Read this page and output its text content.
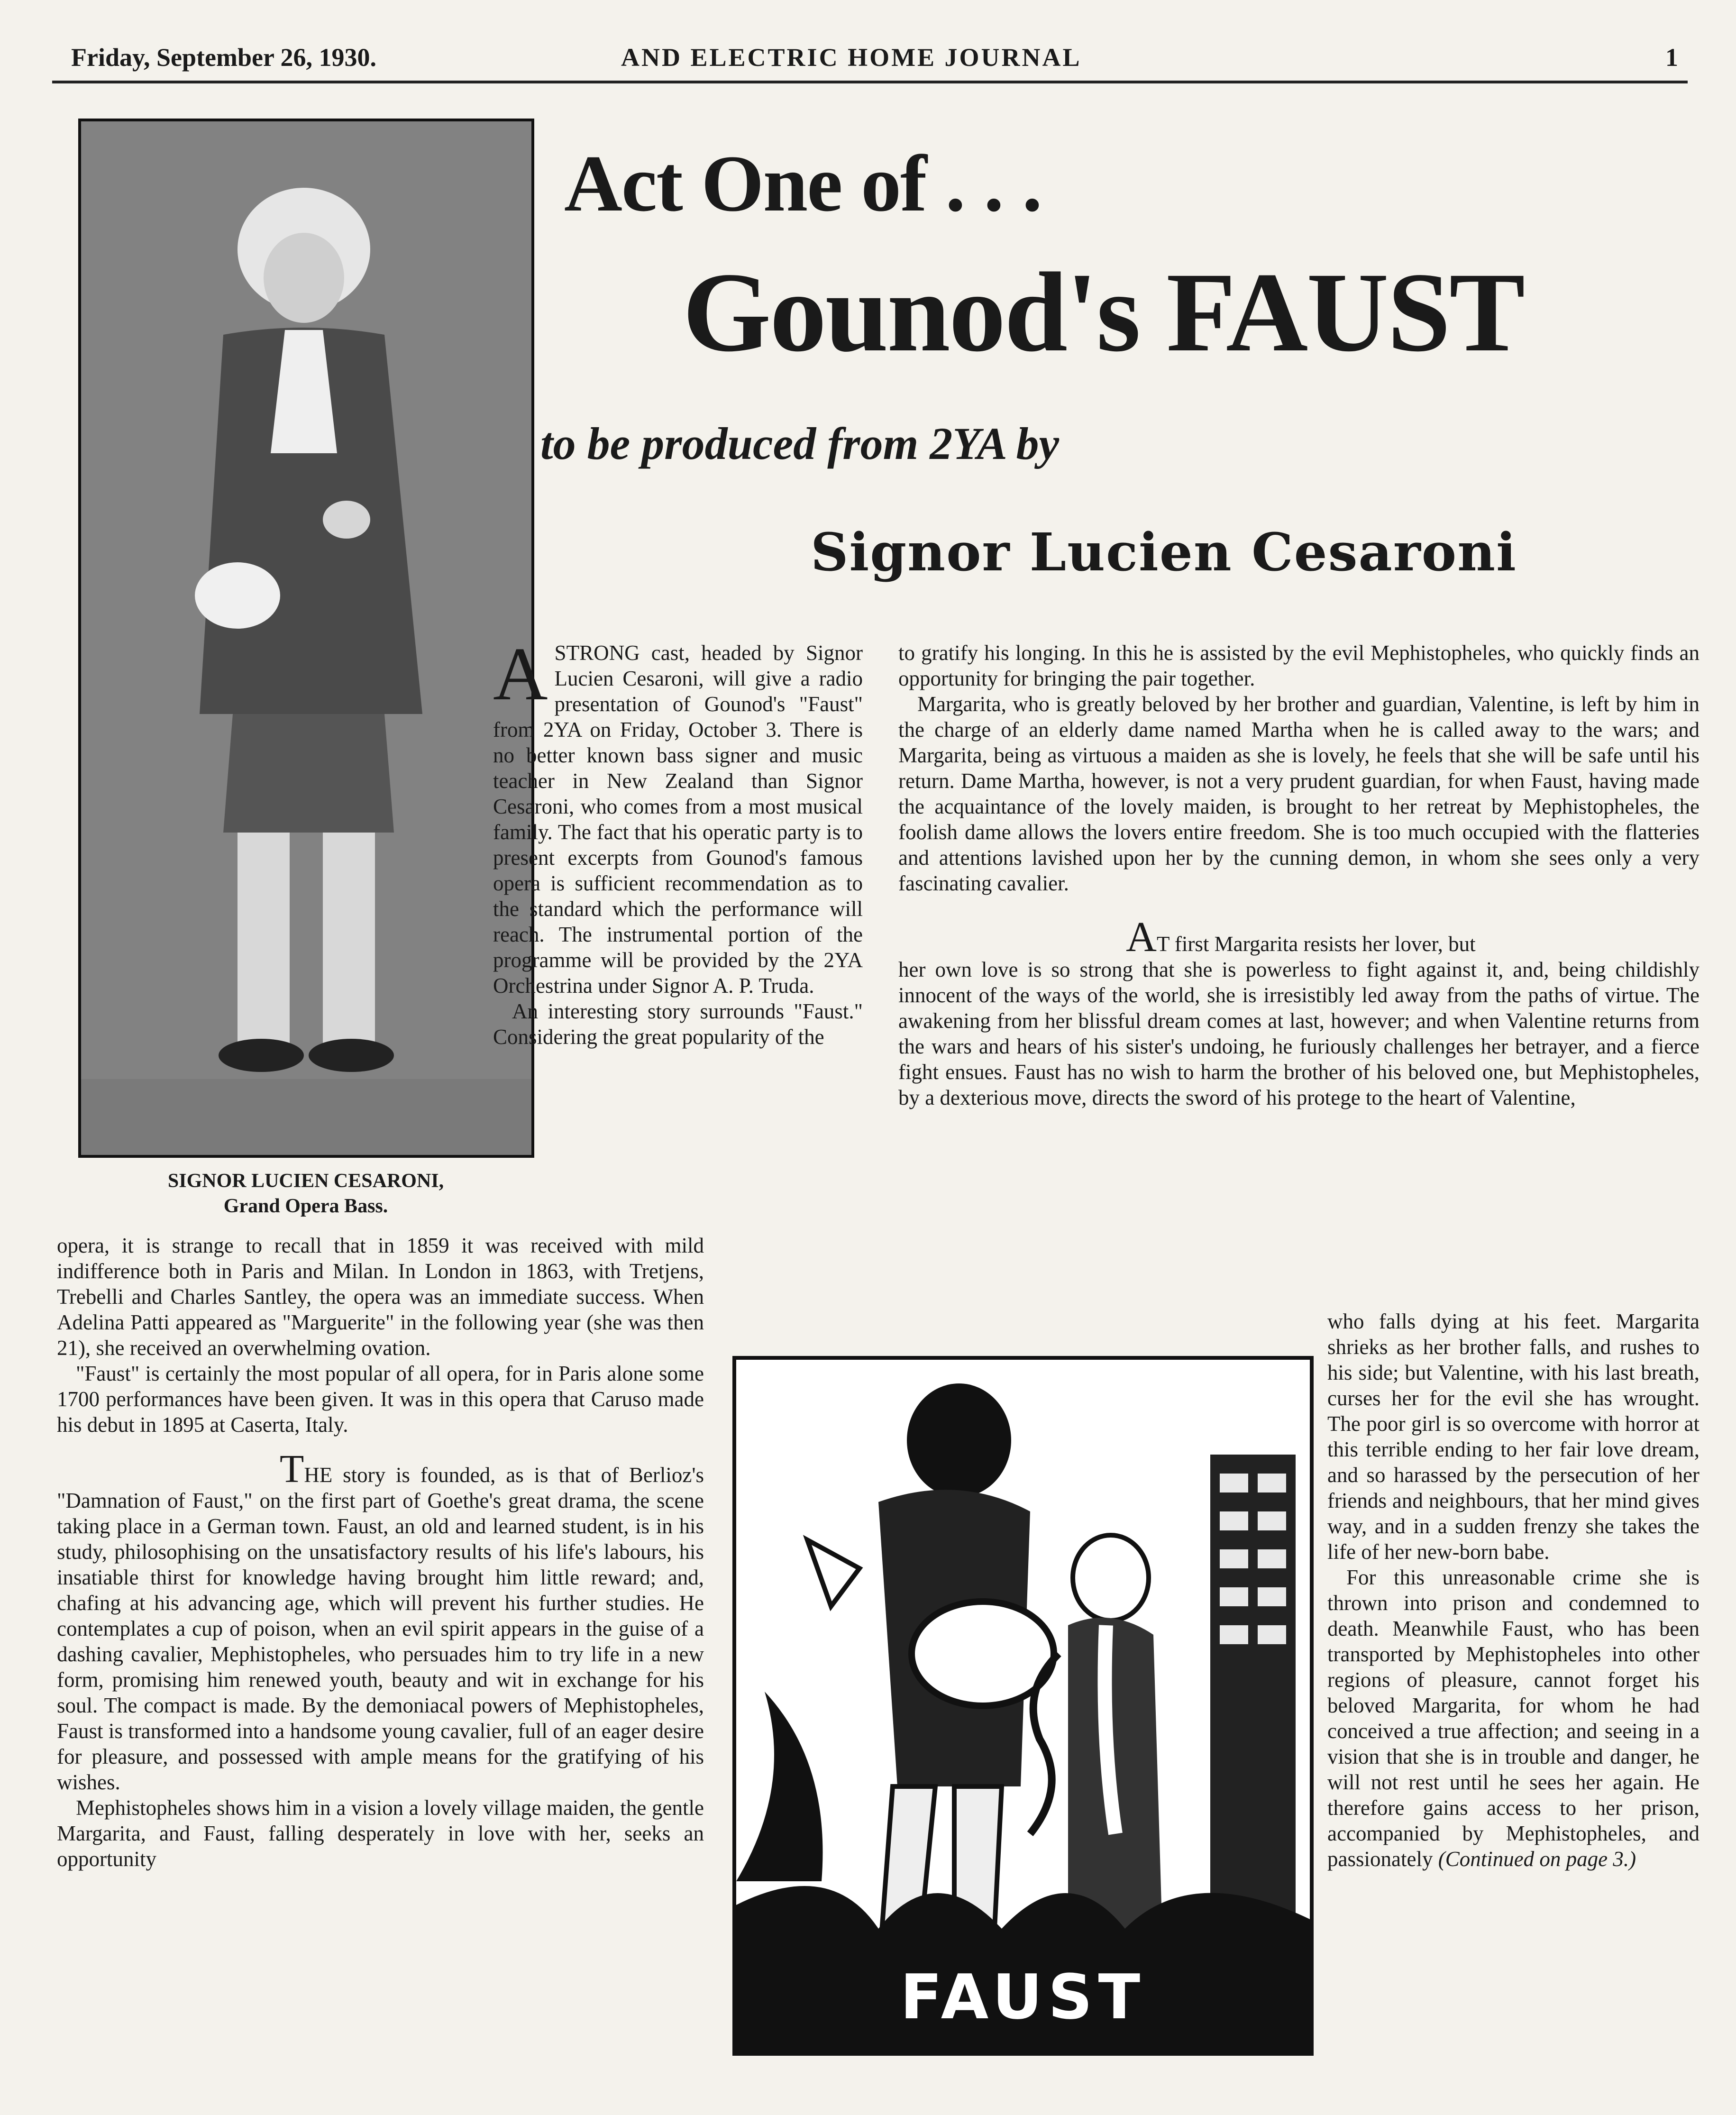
Friday, September 26, 1930.	AND ELECTRIC HOME JOURNAL	1
SIGNOR LUCIEN CESARONI,
Grand Opera Bass.
Act One of . . .
Gounod's FAUST
to be produced from 2YA by
Signor Lucien Cesaroni

ASTRONG cast, headed by Signor Lucien Cesaroni, will give a radio presentation of Gounod's "Faust" from 2YA on Friday, October 3. There is no better known bass signer and music teacher in New Zealand than Signor Cesaroni, who comes from a most musical family. The fact that his operatic party is to present excerpts from Gounod's famous opera is sufficient recommendation as to the standard which the performance will reach. The instrumental portion of the programme will be provided by the 2YA Orchestrina under Signor A. P. Truda.

An interesting story surrounds "Faust." Considering the great popularity of the

to gratify his longing. In this he is assisted by the evil Mephistopheles, who quickly finds an opportunity for bringing the pair together.

Margarita, who is greatly beloved by her brother and guardian, Valentine, is left by him in the charge of an elderly dame named Martha when he is called away to the wars; and Margarita, being as virtuous a maiden as she is lovely, he feels that she will be safe until his return. Dame Martha, however, is not a very prudent guardian, for when Faust, having made the acquaintance of the lovely maiden, is brought to her retreat by Mephistopheles, the foolish dame allows the lovers entire freedom. She is too much occupied with the flatteries and attentions lavished upon her by the cunning demon, in whom she sees only a very fascinating cavalier.

AT first Margarita resists her lover, but

her own love is so strong that she is powerless to fight against it, and, being childishly innocent of the ways of the world, she is irresistibly led away from the paths of virtue. The awakening from her blissful dream comes at last, however; and when Valentine returns from the wars and hears of his sister's undoing, he furiously challenges her betrayer, and a fierce fight ensues. Faust has no wish to harm the brother of his beloved one, but Mephistopheles, by a dexterious move, directs the sword of his protege to the heart of Valentine,

opera, it is strange to recall that in 1859 it was received with mild indifference both in Paris and Milan. In London in 1863, with Tretjens, Trebelli and Charles Santley, the opera was an immediate success. When Adelina Patti appeared as "Marguerite" in the following year (she was then 21), she received an overwhelming ovation.

"Faust" is certainly the most popular of all opera, for in Paris alone some 1700 performances have been given. It was in this opera that Caruso made his debut in 1895 at Caserta, Italy.

THE story is founded, as is that of Berlioz's "Damnation of Faust," on the first part of Goethe's great drama, the scene taking place in a German town. Faust, an old and learned student, is in his study, philosophising on the unsatisfactory results of his life's labours, his insatiable thirst for knowledge having brought him little reward; and, chafing at his advancing age, which will prevent his further studies. He contemplates a cup of poison, when an evil spirit appears in the guise of a dashing cavalier, Mephistopheles, who persuades him to try life in a new form, promising him renewed youth, beauty and wit in exchange for his soul. The compact is made. By the demoniacal powers of Mephistopheles, Faust is transformed into a handsome young cavalier, full of an eager desire for pleasure, and possessed with ample means for the gratifying of his wishes.

Mephistopheles shows him in a vision a lovely village maiden, the gentle Margarita, and Faust, falling desperately in love with her, seeks an opportunity

FAUST

who falls dying at his feet. Margarita shrieks as her brother falls, and rushes to his side; but Valentine, with his last breath, curses her for the evil she has wrought. The poor girl is so overcome with horror at this terrible ending to her fair love dream, and so harassed by the persecution of her friends and neighbours, that her mind gives way, and in a sudden frenzy she takes the life of her new-born babe.

For this unreasonable crime she is thrown into prison and condemned to death. Meanwhile Faust, who has been transported by Mephistopheles into other regions of pleasure, cannot forget his beloved Margarita, for whom he had conceived a true affection; and seeing in a vision that she is in trouble and danger, he will not rest until he sees her again. He therefore gains access to her prison, accompanied by Mephistopheles, and passionately (Continued on page 3.)
